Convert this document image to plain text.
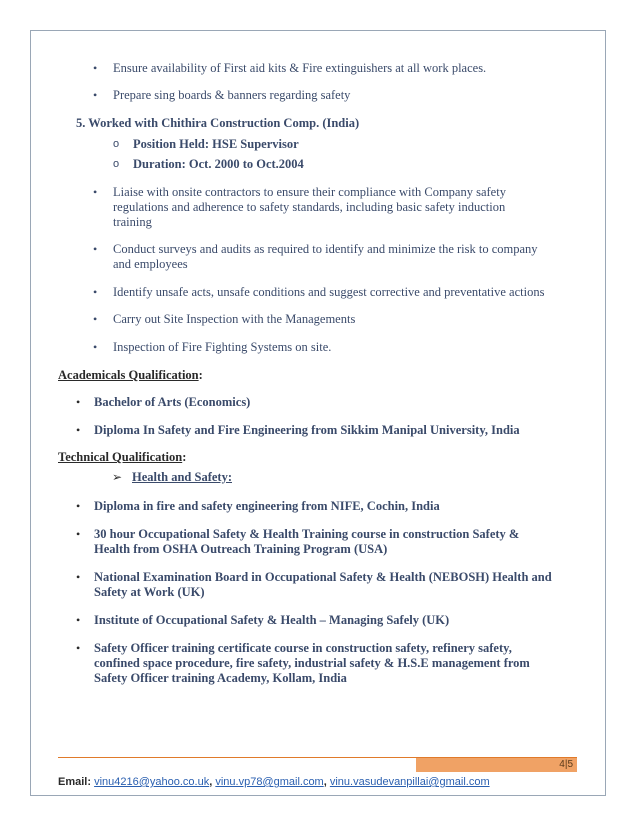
• Ensure availability of First aid kits & Fire extinguishers at all work places.
• Prepare sing boards & banners regarding safety
5. Worked with Chithira Construction Comp. (India)
o Position Held: HSE Supervisor
o Duration: Oct. 2000 to Oct.2004
• Liaise with onsite contractors to ensure their compliance with Company safety
regulations and adherence to safety standards, including basic safety induction
training
• Conduct surveys and audits as required to identify and minimize the risk to company
and employees
• Identify unsafe acts, unsafe conditions and suggest corrective and preventative actions
• Carry out Site Inspection with the Managements
• Inspection of Fire Fighting Systems on site.
Academicals Qualification:
• Bachelor of Arts (Economics)
• Diploma In Safety and Fire Engineering from Sikkim Manipal University, India
Technical Qualification:
➢ Health and Safety:
• Diploma in fire and safety engineering from NIFE, Cochin, India
• 30 hour Occupational Safety & Health Training course in construction Safety &
Health from OSHA Outreach Training Program (USA)
• National Examination Board in Occupational Safety & Health (NEBOSH) Health and
Safety at Work (UK)
• Institute of Occupational Safety & Health – Managing Safely (UK)
• Safety Officer training certificate course in construction safety, refinery safety,
confined space procedure, fire safety, industrial safety & H.S.E management from
Safety Officer training Academy, Kollam, India
4|5
Email: vinu4216@yahoo.co.uk, vinu.vp78@gmail.com, vinu.vasudevanpillai@gmail.com
